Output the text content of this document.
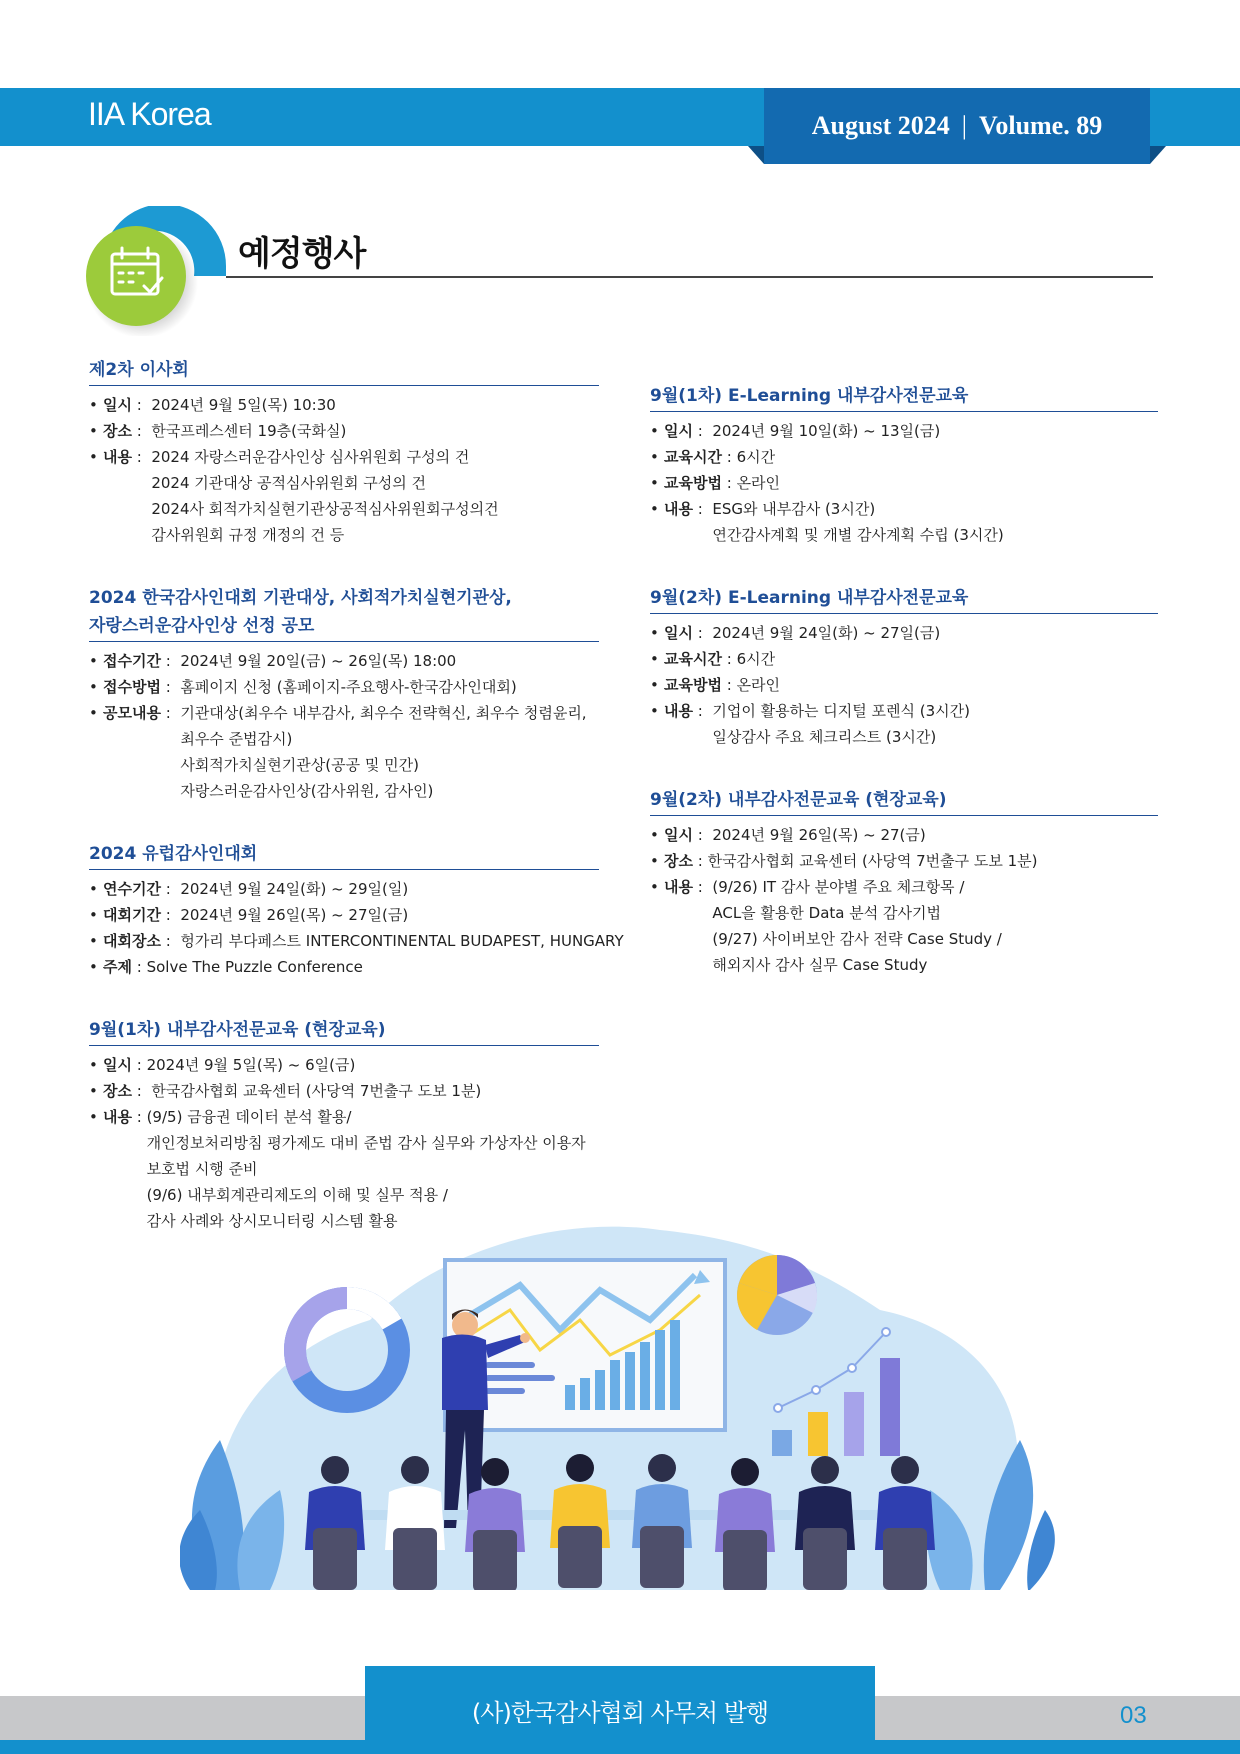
IIA Korea	August 2024 | Volume. 89
예정행사
제2차 이사회
• 일시 : 2024년 9월 5일(목) 10:30
• 장소 : 한국프레스센터 19층(국화실)
• 내용 : 2024 자랑스러운감사인상 심사위원회 구성의 건
2024 기관대상 공적심사위원회 구성의 건
2024사 회적가치실현기관상공적심사위원회구성의건
감사위원회 규정 개정의 건 등
2024 한국감사인대회 기관대상, 사회적가치실현기관상,
자랑스러운감사인상 선정 공모
• 접수기간 : 2024년 9월 20일(금) ~ 26일(목) 18:00
• 접수방법 : 홈페이지 신청 (홈페이지-주요행사-한국감사인대회)
• 공모내용 : 기관대상(최우수 내부감사, 최우수 전략혁신, 최우수 청렴윤리,
최우수 준법감시)
사회적가치실현기관상(공공 및 민간)
자랑스러운감사인상(감사위원, 감사인)
2024 유럽감사인대회
• 연수기간 : 2024년 9월 24일(화) ~ 29일(일)
• 대회기간 : 2024년 9월 26일(목) ~ 27일(금)
• 대회장소 : 헝가리 부다페스트 INTERCONTINENTAL BUDAPEST, HUNGARY
• 주제 : Solve The Puzzle Conference
9월(1차) 내부감사전문교육 (현장교육)
• 일시 : 2024년 9월 5일(목) ~ 6일(금)
• 장소 : 한국감사협회 교육센터 (사당역 7번출구 도보 1분)
• 내용 : (9/5) 금융권 데이터 분석 활용/
개인정보처리방침 평가제도 대비 준법 감사 실무와 가상자산 이용자
보호법 시행 준비
(9/6) 내부회계관리제도의 이해 및 실무 적용 /
감사 사례와 상시모니터링 시스템 활용
9월(1차) E-Learning 내부감사전문교육
• 일시 : 2024년 9월 10일(화) ~ 13일(금)
• 교육시간 : 6시간
• 교육방법 : 온라인
• 내용 : ESG와 내부감사 (3시간)
연간감사계획 및 개별 감사계획 수립 (3시간)
9월(2차) E-Learning 내부감사전문교육
• 일시 : 2024년 9월 24일(화) ~ 27일(금)
• 교육시간 : 6시간
• 교육방법 : 온라인
• 내용 : 기업이 활용하는 디지털 포렌식 (3시간)
일상감사 주요 체크리스트 (3시간)
9월(2차) 내부감사전문교육 (현장교육)
• 일시 : 2024년 9월 26일(목) ~ 27(금)
• 장소 : 한국감사협회 교육센터 (사당역 7번출구 도보 1분)
• 내용 : (9/26) IT 감사 분야별 주요 체크항목 /
ACL을 활용한 Data 분석 감사기법
(9/27) 사이버보안 감사 전략 Case Study /
해외지사 감사 실무 Case Study
(사)한국감사협회 사무처 발행	03
